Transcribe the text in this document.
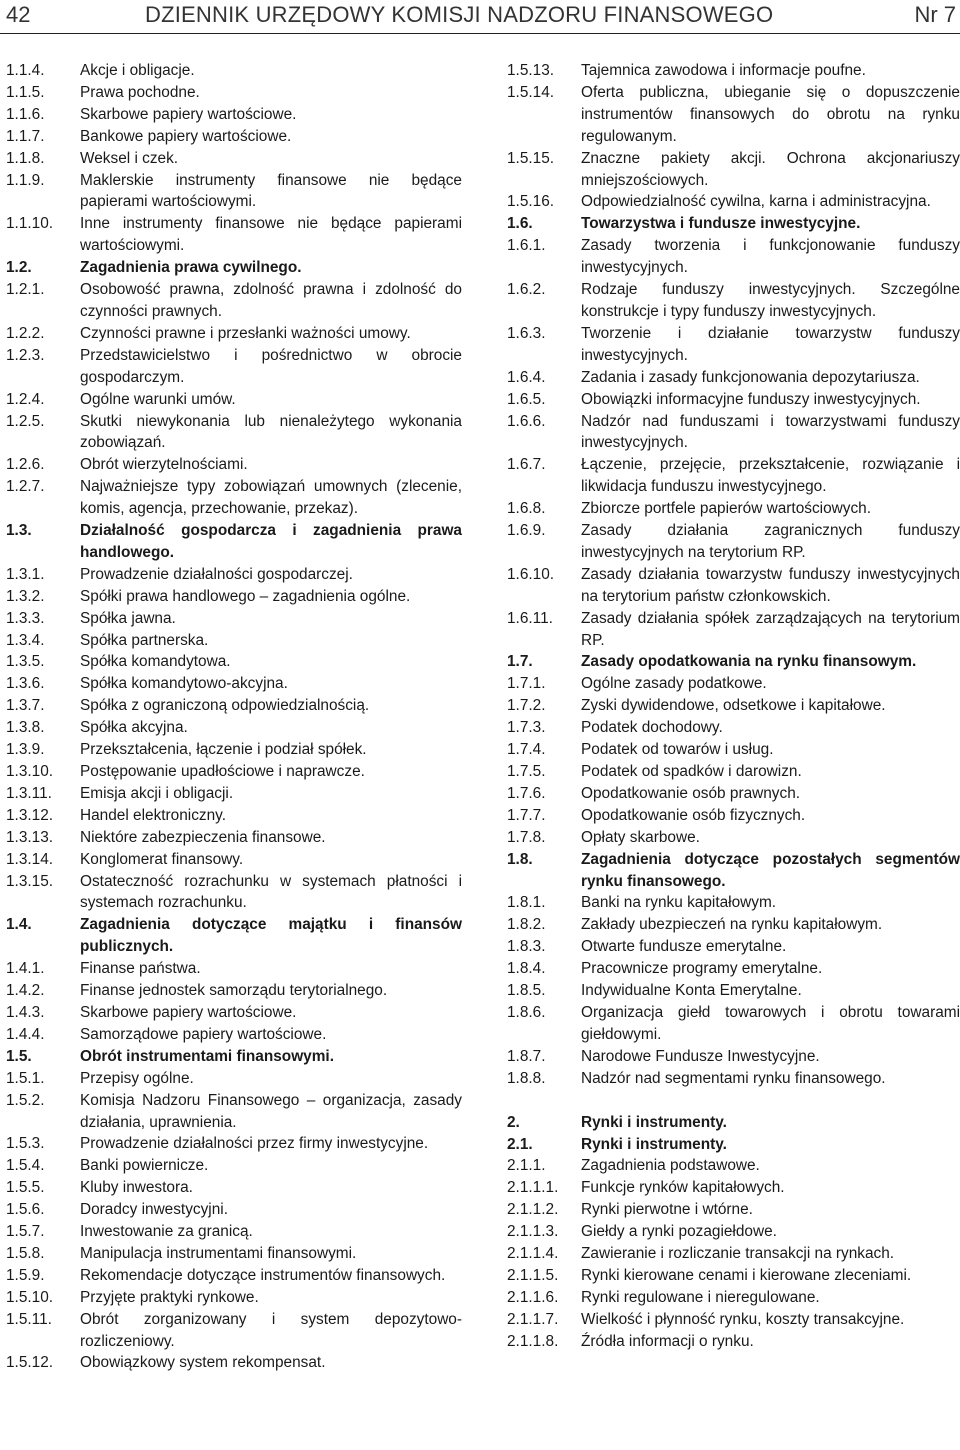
42	DZIENNIK URZĘDOWY KOMISJI NADZORU FINANSOWEGO	Nr 7
1.1.4.	Akcje i obligacje.
1.1.5.	Prawa pochodne.
1.1.6.	Skarbowe papiery wartościowe.
1.1.7.	Bankowe papiery wartościowe.
1.1.8.	Weksel i czek.
1.1.9.	Maklerskie instrumenty finansowe nie będące papierami wartościowymi.
1.1.10.	Inne instrumenty finansowe nie będące papierami wartościowymi.
1.2.	Zagadnienia prawa cywilnego.
1.2.1.	Osobowość prawna, zdolność prawna i zdolność do czynności prawnych.
1.2.2.	Czynności prawne i przesłanki ważności umowy.
1.2.3.	Przedstawicielstwo i pośrednictwo w obrocie gospodarczym.
1.2.4.	Ogólne warunki umów.
1.2.5.	Skutki niewykonania lub nienależytego wykonania zobowiązań.
1.2.6.	Obrót wierzytelnościami.
1.2.7.	Najważniejsze typy zobowiązań umownych (zlecenie, komis, agencja, przechowanie, przekaz).
1.3.	Działalność gospodarcza i zagadnienia prawa handlowego.
1.3.1.	Prowadzenie działalności gospodarczej.
1.3.2.	Spółki prawa handlowego – zagadnienia ogólne.
1.3.3.	Spółka jawna.
1.3.4.	Spółka partnerska.
1.3.5.	Spółka komandytowa.
1.3.6.	Spółka komandytowo-akcyjna.
1.3.7.	Spółka z ograniczoną odpowiedzialnością.
1.3.8.	Spółka akcyjna.
1.3.9.	Przekształcenia, łączenie i podział spółek.
1.3.10.	Postępowanie upadłościowe i naprawcze.
1.3.11.	Emisja akcji i obligacji.
1.3.12.	Handel elektroniczny.
1.3.13.	Niektóre zabezpieczenia finansowe.
1.3.14.	Konglomerat finansowy.
1.3.15.	Ostateczność rozrachunku w systemach płatności i systemach rozrachunku.
1.4.	Zagadnienia dotyczące majątku i finansów publicznych.
1.4.1.	Finanse państwa.
1.4.2.	Finanse jednostek samorządu terytorialnego.
1.4.3.	Skarbowe papiery wartościowe.
1.4.4.	Samorządowe papiery wartościowe.
1.5.	Obrót instrumentami finansowymi.
1.5.1.	Przepisy ogólne.
1.5.2.	Komisja Nadzoru Finansowego – organizacja, zasady działania, uprawnienia.
1.5.3.	Prowadzenie działalności przez firmy inwestycyjne.
1.5.4.	Banki powiernicze.
1.5.5.	Kluby inwestora.
1.5.6.	Doradcy inwestycyjni.
1.5.7.	Inwestowanie za granicą.
1.5.8.	Manipulacja instrumentami finansowymi.
1.5.9.	Rekomendacje dotyczące instrumentów finansowych.
1.5.10.	Przyjęte praktyki rynkowe.
1.5.11.	Obrót zorganizowany i system depozytowo-rozliczeniowy.
1.5.12.	Obowiązkowy system rekompensat.
1.5.13.	Tajemnica zawodowa i informacje poufne.
1.5.14.	Oferta publiczna, ubieganie się o dopuszczenie instrumentów finansowych do obrotu na rynku regulowanym.
1.5.15.	Znaczne pakiety akcji. Ochrona akcjonariuszy mniejszościowych.
1.5.16.	Odpowiedzialność cywilna, karna i administracyjna.
1.6.	Towarzystwa i fundusze inwestycyjne.
1.6.1.	Zasady tworzenia i funkcjonowanie funduszy inwestycyjnych.
1.6.2.	Rodzaje funduszy inwestycyjnych. Szczególne konstrukcje i typy funduszy inwestycyjnych.
1.6.3.	Tworzenie i działanie towarzystw funduszy inwestycyjnych.
1.6.4.	Zadania i zasady funkcjonowania depozytariusza.
1.6.5.	Obowiązki informacyjne funduszy inwestycyjnych.
1.6.6.	Nadzór nad funduszami i towarzystwami funduszy inwestycyjnych.
1.6.7.	Łączenie, przejęcie, przekształcenie, rozwiązanie i likwidacja funduszu inwestycyjnego.
1.6.8.	Zbiorcze portfele papierów wartościowych.
1.6.9.	Zasady działania zagranicznych funduszy inwestycyjnych na terytorium RP.
1.6.10.	Zasady działania towarzystw funduszy inwestycyjnych na terytorium państw członkowskich.
1.6.11.	Zasady działania spółek zarządzających na terytorium RP.
1.7.	Zasady opodatkowania na rynku finansowym.
1.7.1.	Ogólne zasady podatkowe.
1.7.2.	Zyski dywidendowe, odsetkowe i kapitałowe.
1.7.3.	Podatek dochodowy.
1.7.4.	Podatek od towarów i usług.
1.7.5.	Podatek od spadków i darowizn.
1.7.6.	Opodatkowanie osób prawnych.
1.7.7.	Opodatkowanie osób fizycznych.
1.7.8.	Opłaty skarbowe.
1.8.	Zagadnienia dotyczące pozostałych segmentów rynku finansowego.
1.8.1.	Banki na rynku kapitałowym.
1.8.2.	Zakłady ubezpieczeń na rynku kapitałowym.
1.8.3.	Otwarte fundusze emerytalne.
1.8.4.	Pracownicze programy emerytalne.
1.8.5.	Indywidualne Konta Emerytalne.
1.8.6.	Organizacja giełd towarowych i obrotu towarami giełdowymi.
1.8.7.	Narodowe Fundusze Inwestycyjne.
1.8.8.	Nadzór nad segmentami rynku finansowego.
2.	Rynki i instrumenty.
2.1.	Rynki i instrumenty.
2.1.1.	Zagadnienia podstawowe.
2.1.1.1.	Funkcje rynków kapitałowych.
2.1.1.2.	Rynki pierwotne i wtórne.
2.1.1.3.	Giełdy a rynki pozagiełdowe.
2.1.1.4.	Zawieranie i rozliczanie transakcji na rynkach.
2.1.1.5.	Rynki kierowane cenami i kierowane zleceniami.
2.1.1.6.	Rynki regulowane i nieregulowane.
2.1.1.7.	Wielkość i płynność rynku, koszty transakcyjne.
2.1.1.8.	Źródła informacji o rynku.
